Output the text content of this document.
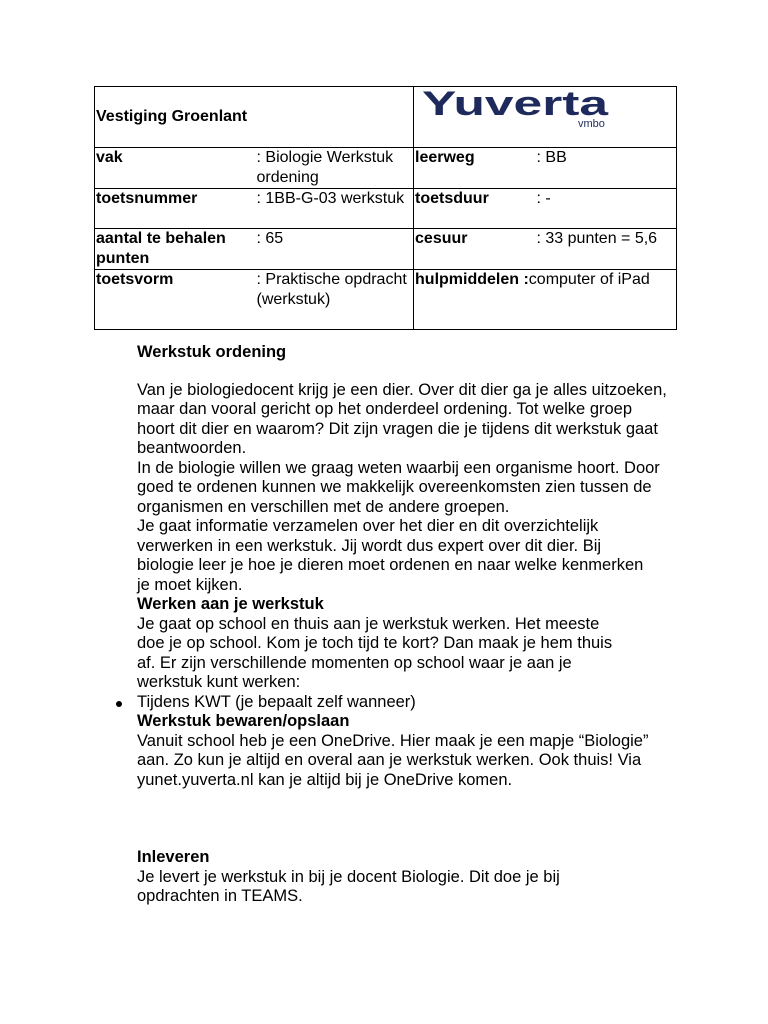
Vestiging Groenlant		Yuverta
vmbo	

vak	: Biologie Werkstuk ordening	leerweg	: BB
toetsnummer	: 1BB-G-03 werkstuk	toetsduur	: -
aantal te behalen punten	: 65	cesuur	: 33 punten = 5,6
toetsvorm	: Praktische opdracht (werkstuk)	hulpmiddelen :computer of iPad	

Werkstuk ordening

Van je biologiedocent krijg je een dier. Over dit dier ga je alles uitzoeken, maar dan vooral gericht op het onderdeel ordening. Tot welke groep hoort dit dier en waarom? Dit zijn vragen die je tijdens dit werkstuk gaat beantwoorden.

In de biologie willen we graag weten waarbij een organisme hoort. Door goed te ordenen kunnen we makkelijk overeenkomsten zien tussen de organismen en verschillen met de andere groepen.

Je gaat informatie verzamelen over het dier en dit overzichtelijk verwerken in een werkstuk. Jij wordt dus expert over dit dier. Bij biologie leer je hoe je dieren moet ordenen en naar welke kenmerken je moet kijken.

Werken aan je werkstuk

Je gaat op school en thuis aan je werkstuk werken. Het meeste doe je op school. Kom je toch tijd te kort? Dan maak je hem thuis af. Er zijn verschillende momenten op school waar je aan je werkstuk kunt werken:

Tijdens KWT (je bepaalt zelf wanneer)

Werkstuk bewaren/opslaan

Vanuit school heb je een OneDrive. Hier maak je een mapje “Biologie” aan. Zo kun je altijd en overal aan je werkstuk werken. Ook thuis! Via yunet.yuverta.nl kan je altijd bij je OneDrive komen.

Inleveren

Je levert je werkstuk in bij je docent Biologie. Dit doe je bij opdrachten in TEAMS.
